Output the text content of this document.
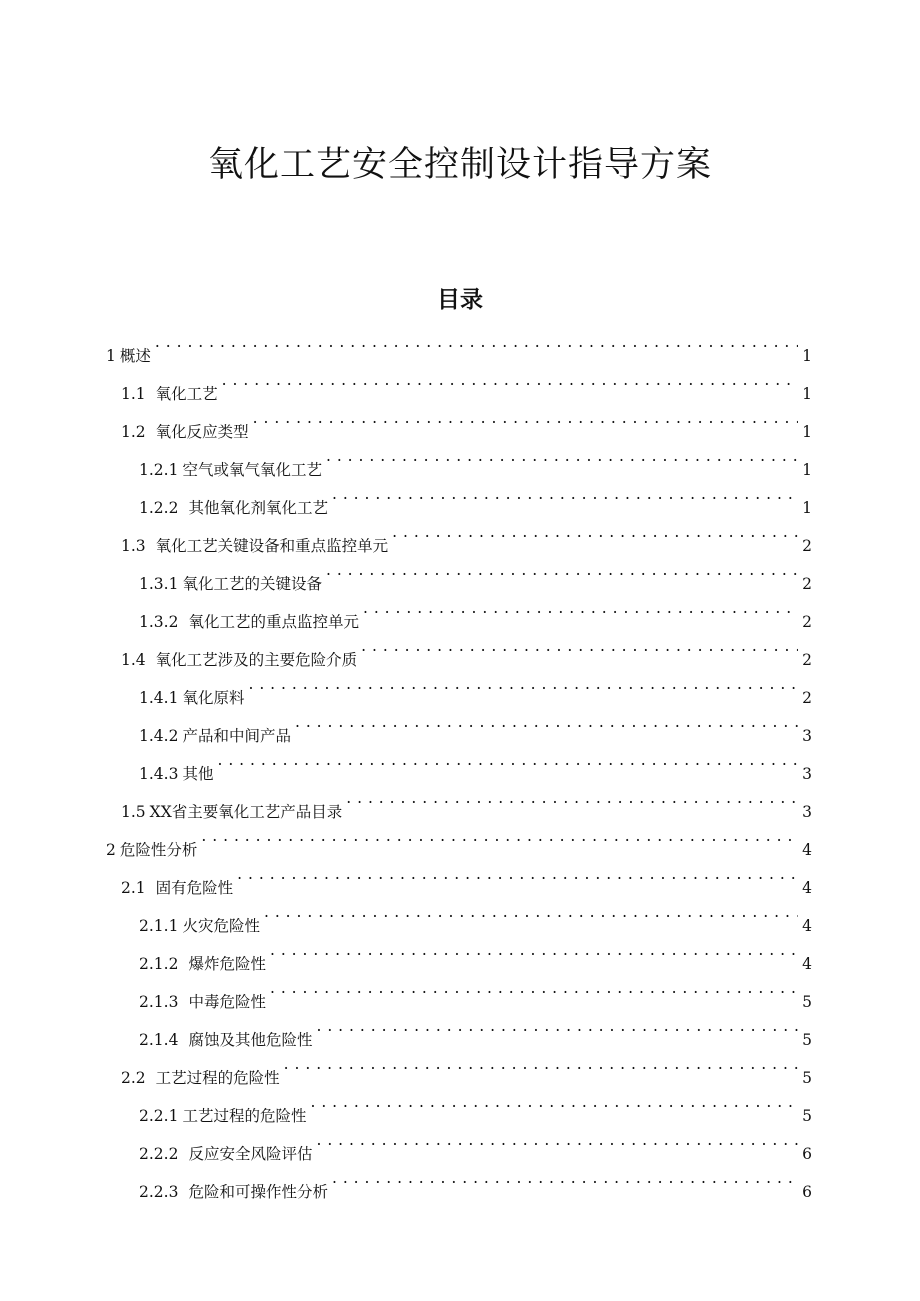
氧化工艺安全控制设计指导方案
目录
1 概述 . . .	1
1.1 氧化工艺 . . .	1
1.2 氧化反应类型 . . .	1
1.2.1 空气或氧气氧化工艺 . . .	1
1.2.2 其他氧化剂氧化工艺 . . .	1
1.3 氧化工艺关键设备和重点监控单元 . . .	2
1.3.1 氧化工艺的关键设备 . . .	2
1.3.2 氧化工艺的重点监控单元 . . .	2
1.4 氧化工艺涉及的主要危险介质 . . .	2
1.4.1 氧化原料 . . .	2
1.4.2 产品和中间产品 . . .	3
1.4.3 其他 . . .	3
1.5 XX省主要氧化工艺产品目录 . . .	3
2 危险性分析 . . .	4
2.1 固有危险性 . . .	4
2.1.1 火灾危险性 . . .	4
2.1.2 爆炸危险性 . . .	4
2.1.3 中毒危险性 . . .	5
2.1.4 腐蚀及其他危险性 . . .	5
2.2 工艺过程的危险性 . . .	5
2.2.1 工艺过程的危险性 . . .	5
2.2.2 反应安全风险评估 . . .	6
2.2.3 危险和可操作性分析 . . .	6
